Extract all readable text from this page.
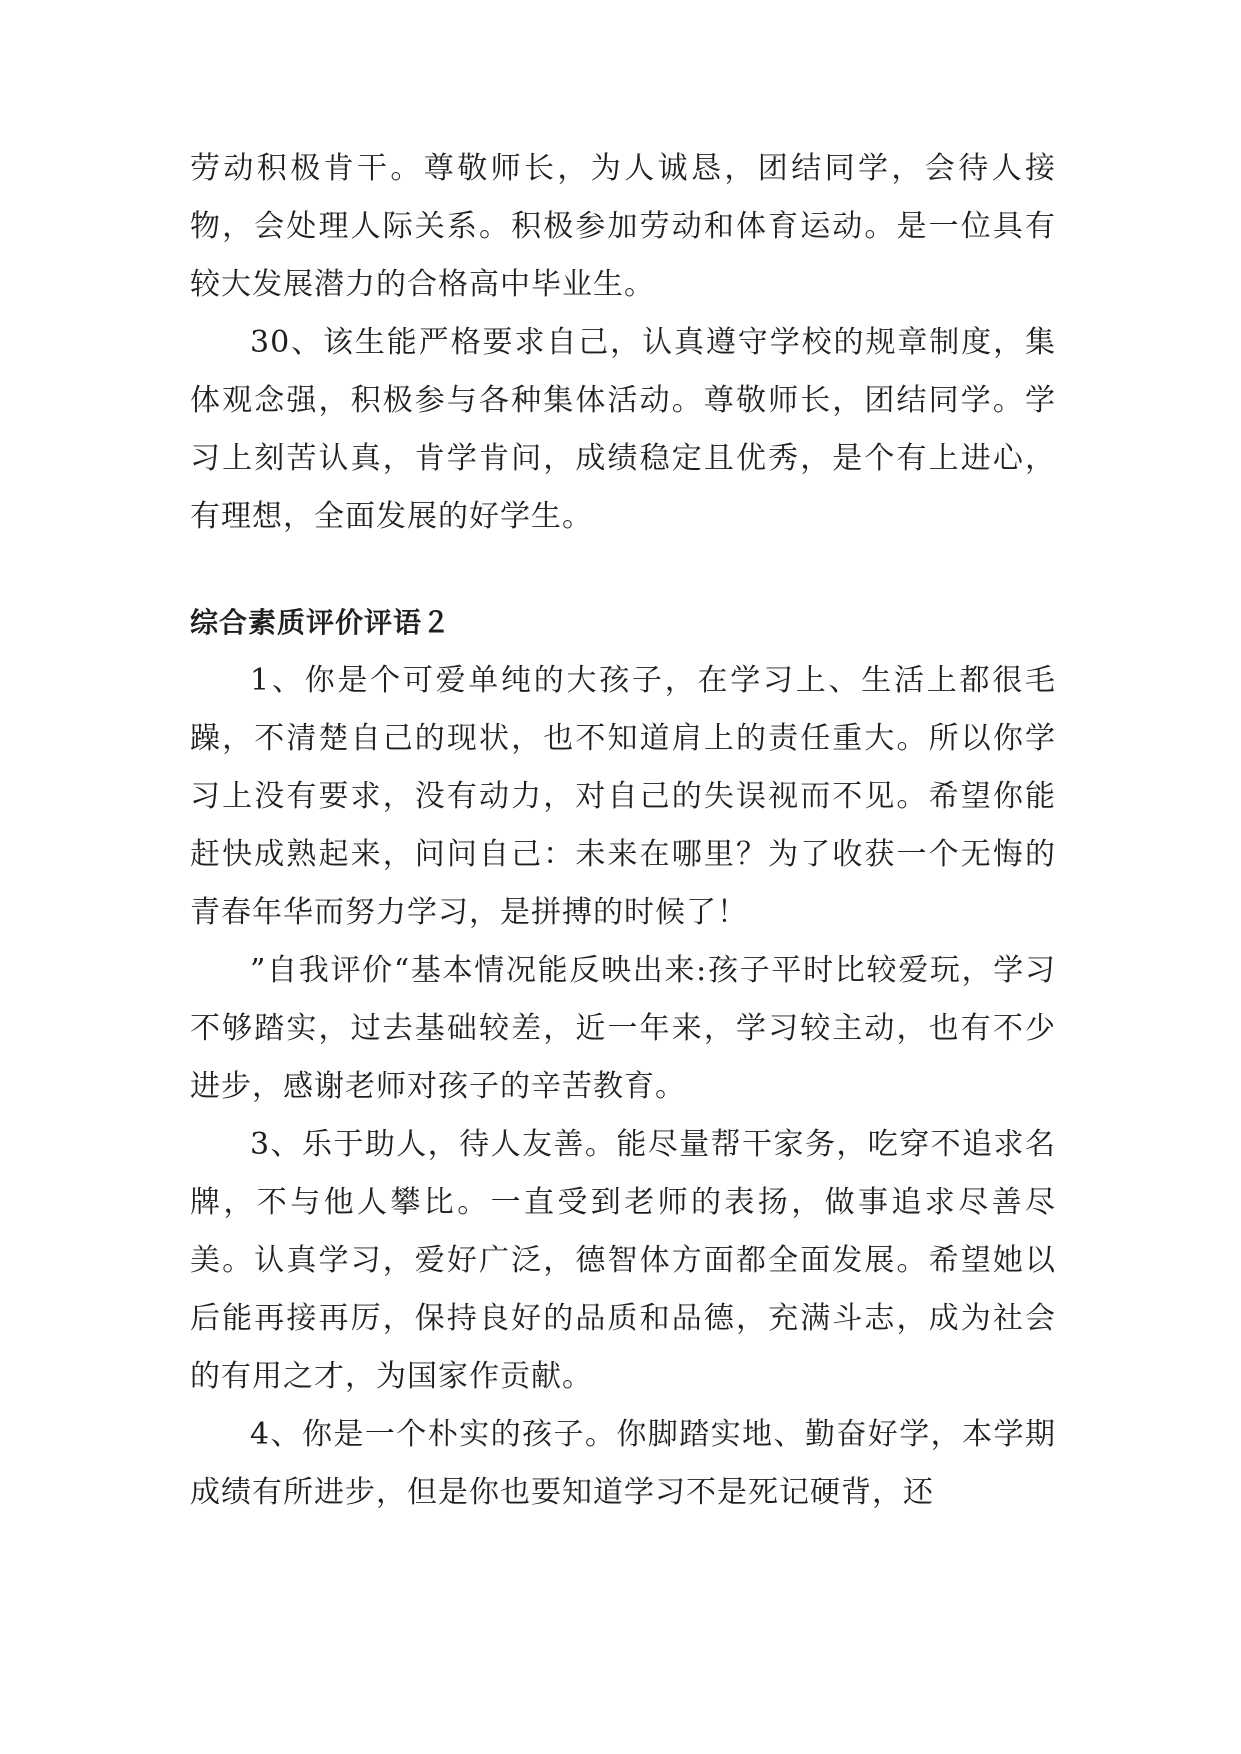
劳动积极肯干。尊敬师长，为人诚恳，团结同学，会待人接物，会处理人际关系。积极参加劳动和体育运动。是一位具有较大发展潜力的合格高中毕业生。

30、该生能严格要求自己，认真遵守学校的规章制度，集体观念强，积极参与各种集体活动。尊敬师长，团结同学。学习上刻苦认真，肯学肯问，成绩稳定且优秀，是个有上进心，有理想，全面发展的好学生。

综合素质评价评语２

1、你是个可爱单纯的大孩子，在学习上、生活上都很毛躁，不清楚自己的现状，也不知道肩上的责任重大。所以你学习上没有要求，没有动力，对自己的失误视而不见。希望你能赶快成熟起来，问问自己：未来在哪里？为了收获一个无悔的青春年华而努力学习，是拼搏的时候了！

”自我评价“基本情况能反映出来:孩子平时比较爱玩，学习不够踏实，过去基础较差，近一年来，学习较主动，也有不少进步，感谢老师对孩子的辛苦教育。

3、乐于助人，待人友善。能尽量帮干家务，吃穿不追求名牌，不与他人攀比。一直受到老师的表扬，做事追求尽善尽美。认真学习，爱好广泛，德智体方面都全面发展。希望她以后能再接再厉，保持良好的品质和品德，充满斗志，成为社会的有用之才，为国家作贡献。

4、你是一个朴实的孩子。你脚踏实地、勤奋好学，本学期成绩有所进步，但是你也要知道学习不是死记硬背，还
